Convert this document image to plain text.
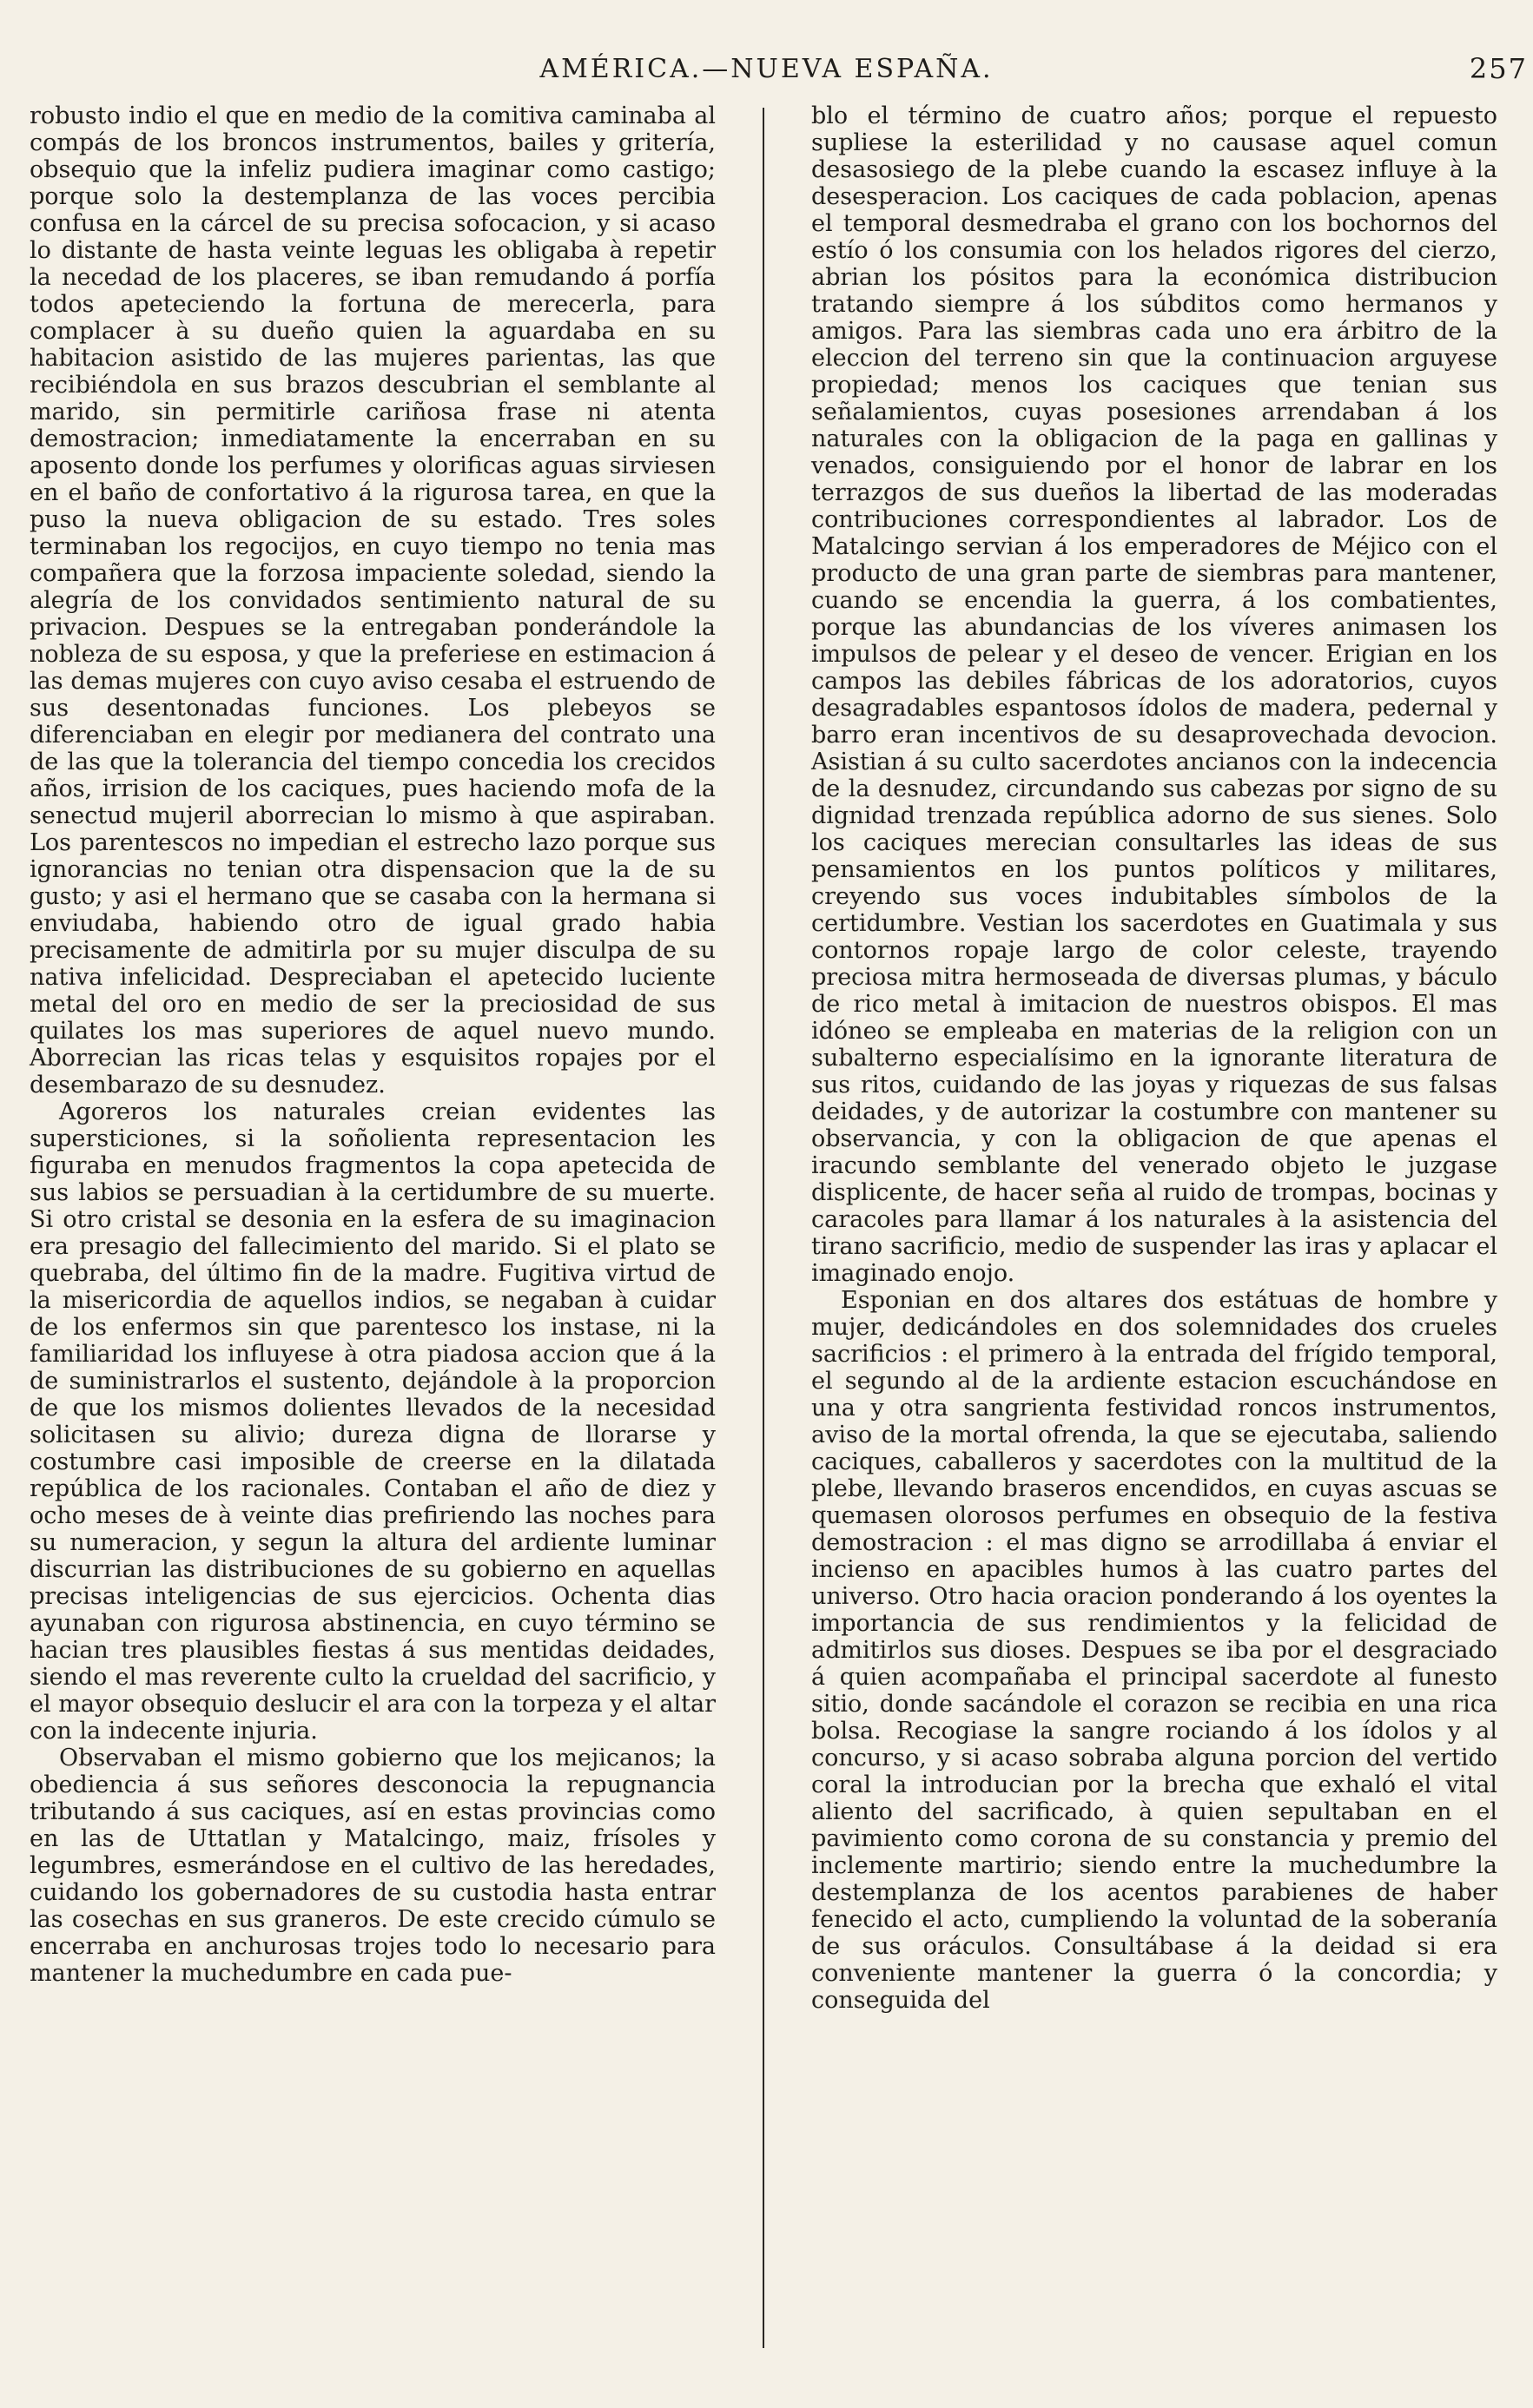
AMÉRICA.—NUEVA ESPAÑA.	257

robusto indio el que en medio de la comitiva caminaba al compás de los broncos instrumentos, bailes y gritería, obsequio que la infeliz pudiera imaginar como castigo; porque solo la destemplanza de las voces percibia confusa en la cárcel de su precisa sofocacion, y si acaso lo distante de hasta veinte leguas les obligaba à repetir la necedad de los placeres, se iban remudando á porfía todos apeteciendo la fortuna de merecerla, para complacer à su dueño quien la aguardaba en su habitacion asistido de las mujeres parientas, las que recibiéndola en sus brazos descubrian el semblante al marido, sin permitirle cariñosa frase ni atenta demostracion; inmediatamente la encerraban en su aposento donde los perfumes y olorificas aguas sirviesen en el baño de confortativo á la rigurosa tarea, en que la puso la nueva obligacion de su estado. Tres soles terminaban los regocijos, en cuyo tiempo no tenia mas compañera que la forzosa impaciente soledad, siendo la alegría de los convidados sentimiento natural de su privacion. Despues se la entregaban ponderándole la nobleza de su esposa, y que la preferiese en estimacion á las demas mujeres con cuyo aviso cesaba el estruendo de sus desentonadas funciones. Los plebeyos se diferenciaban en elegir por medianera del contrato una de las que la tolerancia del tiempo concedia los crecidos años, irrision de los caciques, pues haciendo mofa de la senectud mujeril aborrecian lo mismo à que aspiraban. Los parentescos no impedian el estrecho lazo porque sus ignorancias no tenian otra dispensacion que la de su gusto; y asi el hermano que se casaba con la hermana si enviudaba, habiendo otro de igual grado habia precisamente de admitirla por su mujer disculpa de su nativa infelicidad. Despreciaban el apetecido luciente metal del oro en medio de ser la preciosidad de sus quilates los mas superiores de aquel nuevo mundo. Aborrecian las ricas telas y esquisitos ropajes por el desembarazo de su desnudez.

Agoreros los naturales creian evidentes las supersticiones, si la soñolienta representacion les figuraba en menudos fragmentos la copa apetecida de sus labios se persuadian à la certidumbre de su muerte. Si otro cristal se desonia en la esfera de su imaginacion era presagio del fallecimiento del marido. Si el plato se quebraba, del último fin de la madre. Fugitiva virtud de la misericordia de aquellos indios, se negaban à cuidar de los enfermos sin que parentesco los instase, ni la familiaridad los influyese à otra piadosa accion que á la de suministrarlos el sustento, dejándole à la proporcion de que los mismos dolientes llevados de la necesidad solicitasen su alivio; dureza digna de llorarse y costumbre casi imposible de creerse en la dilatada república de los racionales. Contaban el año de diez y ocho meses de à veinte dias prefiriendo las noches para su numeracion, y segun la altura del ardiente luminar discurrian las distribuciones de su gobierno en aquellas precisas inteligencias de sus ejercicios. Ochenta dias ayunaban con rigurosa abstinencia, en cuyo término se hacian tres plausibles fiestas á sus mentidas deidades, siendo el mas reverente culto la crueldad del sacrificio, y el mayor obsequio deslucir el ara con la torpeza y el altar con la indecente injuria.

Observaban el mismo gobierno que los mejicanos; la obediencia á sus señores desconocia la repugnancia tributando á sus caciques, así en estas provincias como en las de Uttatlan y Matalcingo, maiz, frísoles y legumbres, esmerándose en el cultivo de las heredades, cuidando los gobernadores de su custodia hasta entrar las cosechas en sus graneros. De este crecido cúmulo se encerraba en anchurosas trojes todo lo necesario para mantener la muchedumbre en cada pue-

blo el término de cuatro años; porque el repuesto supliese la esterilidad y no causase aquel comun desasosiego de la plebe cuando la escasez influye à la desesperacion. Los caciques de cada poblacion, apenas el temporal desmedraba el grano con los bochornos del estío ó los consumia con los helados rigores del cierzo, abrian los pósitos para la económica distribucion tratando siempre á los súbditos como hermanos y amigos. Para las siembras cada uno era árbitro de la eleccion del terreno sin que la continuacion arguyese propiedad; menos los caciques que tenian sus señalamientos, cuyas posesiones arrendaban á los naturales con la obligacion de la paga en gallinas y venados, consiguiendo por el honor de labrar en los terrazgos de sus dueños la libertad de las moderadas contribuciones correspondientes al labrador. Los de Matalcingo servian á los emperadores de Méjico con el producto de una gran parte de siembras para mantener, cuando se encendia la guerra, á los combatientes, porque las abundancias de los víveres animasen los impulsos de pelear y el deseo de vencer. Erigian en los campos las debiles fábricas de los adoratorios, cuyos desagradables espantosos ídolos de madera, pedernal y barro eran incentivos de su desaprovechada devocion. Asistian á su culto sacerdotes ancianos con la indecencia de la desnudez, circundando sus cabezas por signo de su dignidad trenzada república adorno de sus sienes. Solo los caciques merecian consultarles las ideas de sus pensamientos en los puntos políticos y militares, creyendo sus voces indubitables símbolos de la certidumbre. Vestian los sacerdotes en Guatimala y sus contornos ropaje largo de color celeste, trayendo preciosa mitra hermoseada de diversas plumas, y báculo de rico metal à imitacion de nuestros obispos. El mas idóneo se empleaba en materias de la religion con un subalterno especialísimo en la ignorante literatura de sus ritos, cuidando de las joyas y riquezas de sus falsas deidades, y de autorizar la costumbre con mantener su observancia, y con la obligacion de que apenas el iracundo semblante del venerado objeto le juzgase displicente, de hacer seña al ruido de trompas, bocinas y caracoles para llamar á los naturales à la asistencia del tirano sacrificio, medio de suspender las iras y aplacar el imaginado enojo.

Esponian en dos altares dos estátuas de hombre y mujer, dedicándoles en dos solemnidades dos crueles sacrificios : el primero à la entrada del frígido temporal, el segundo al de la ardiente estacion escuchándose en una y otra sangrienta festividad roncos instrumentos, aviso de la mortal ofrenda, la que se ejecutaba, saliendo caciques, caballeros y sacerdotes con la multitud de la plebe, llevando braseros encendidos, en cuyas ascuas se quemasen olorosos perfumes en obsequio de la festiva demostracion : el mas digno se arrodillaba á enviar el incienso en apacibles humos à las cuatro partes del universo. Otro hacia oracion ponderando á los oyentes la importancia de sus rendimientos y la felicidad de admitirlos sus dioses. Despues se iba por el desgraciado á quien acompañaba el principal sacerdote al funesto sitio, donde sacándole el corazon se recibia en una rica bolsa. Recogiase la sangre rociando á los ídolos y al concurso, y si acaso sobraba alguna porcion del vertido coral la introducian por la brecha que exhaló el vital aliento del sacrificado, à quien sepultaban en el pavimiento como corona de su constancia y premio del inclemente martirio; siendo entre la muchedumbre la destemplanza de los acentos parabienes de haber fenecido el acto, cumpliendo la voluntad de la soberanía de sus oráculos. Consultábase á la deidad si era conveniente mantener la guerra ó la concordia; y conseguida del
